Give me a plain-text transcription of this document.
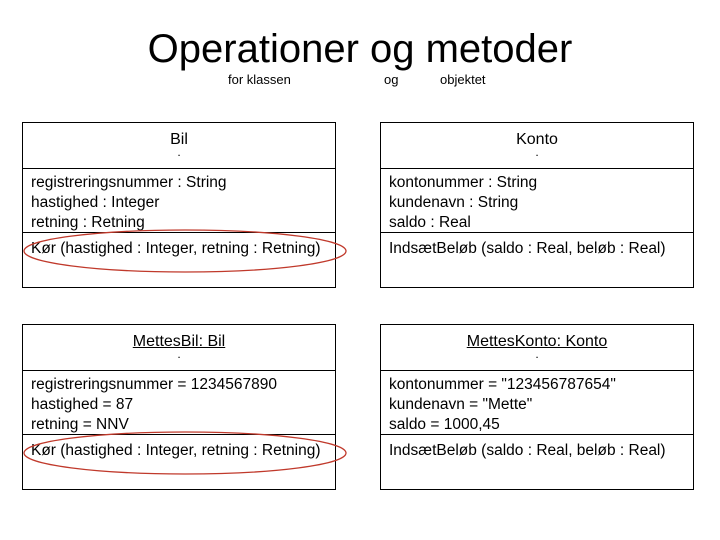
Operationer og metoder
for klassen	og	objektet
Bil
.
registreringsnummer : String
hastighed : Integer
retning : Retning
Kør (hastighed : Integer, retning : Retning)
Konto
.
kontonummer : String
kundenavn : String
saldo : Real
IndsætBeløb (saldo : Real, beløb : Real)
MettesBil: Bil
.
registreringsnummer = 1234567890
hastighed = 87
retning = NNV
Kør (hastighed : Integer, retning : Retning)
MettesKonto: Konto
.
kontonummer = "123456787654"
kundenavn = "Mette"
saldo = 1000,45
IndsætBeløb (saldo : Real, beløb : Real)
